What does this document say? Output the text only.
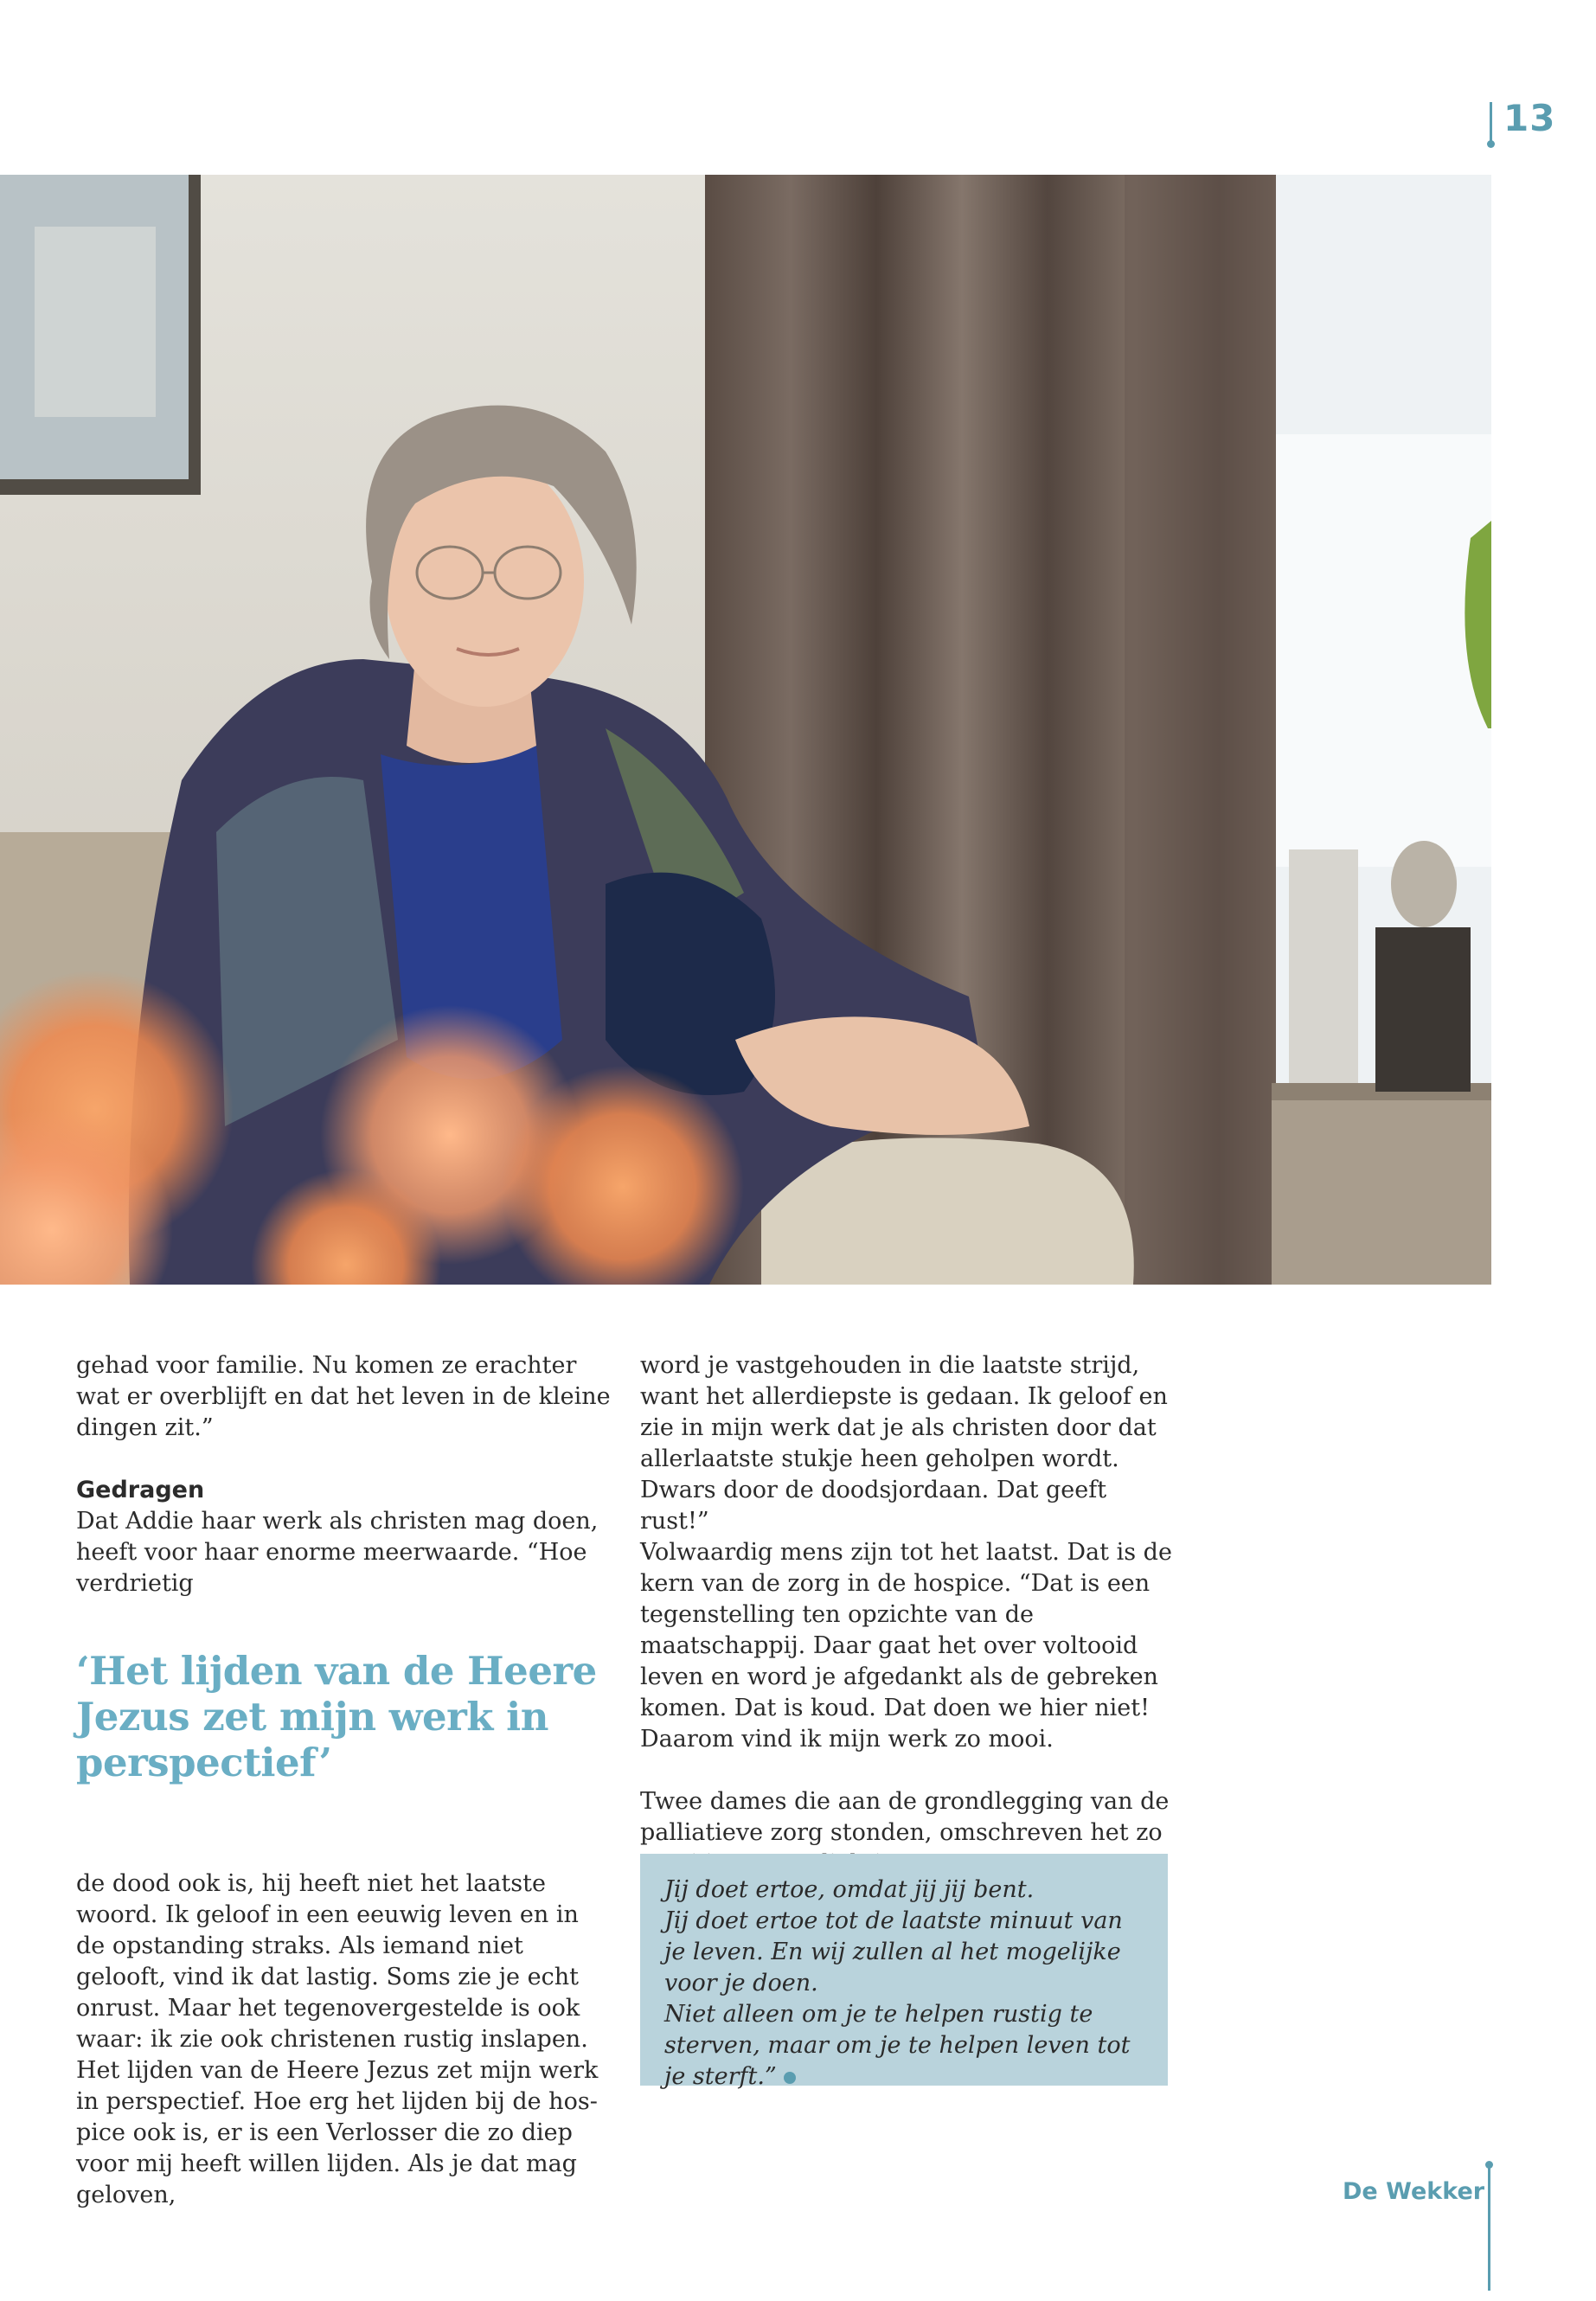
13

gehad voor familie. Nu komen ze erachter wat er overblijft en dat het leven in de kleine dingen zit.”

Gedragen

Dat Addie haar werk als christen mag doen, heeft voor haar enorme meerwaarde. “Hoe verdrietig

‘Het lijden van de Heere Jezus zet mijn werk in perspectief’

de dood ook is, hij heeft niet het laatste woord. Ik geloof in een eeuwig leven en in de opstanding straks. Als iemand niet gelooft, vind ik dat lastig. Soms zie je echt onrust. Maar het tegenovergestelde is ook waar: ik zie ook christenen rustig inslapen. Het lijden van de Heere Jezus zet mijn werk in perspectief. Hoe erg het lijden bij de hospice ook is, er is een Verlosser die zo diep voor mij heeft willen lijden. Als je dat mag geloven,

word je vastgehouden in die laatste strijd, want het allerdiepste is gedaan. Ik geloof en zie in mijn werk dat je als christen door dat allerlaatste stukje heen geholpen wordt. Dwars door de doodsjordaan. Dat geeft rust!”

Volwaardig mens zijn tot het laatst. Dat is de kern van de zorg in de hospice. “Dat is een tegenstelling ten opzichte van de maatschappij. Daar gaat het over voltooid leven en word je afgedankt als de gebreken komen. Dat is koud. Dat doen we hier niet! Daarom vind ik mijn werk zo mooi.

Twee dames die aan de grondlegging van de palliatieve zorg stonden, omschreven het zo

Jij doet ertoe, omdat jij jij bent.

Jij doet ertoe tot de laatste minuut van je leven. En wij zullen al het mogelijke voor je doen.

Niet alleen om je te helpen rustig te sterven, maar om je te helpen leven tot je sterft.”

De Wekker
